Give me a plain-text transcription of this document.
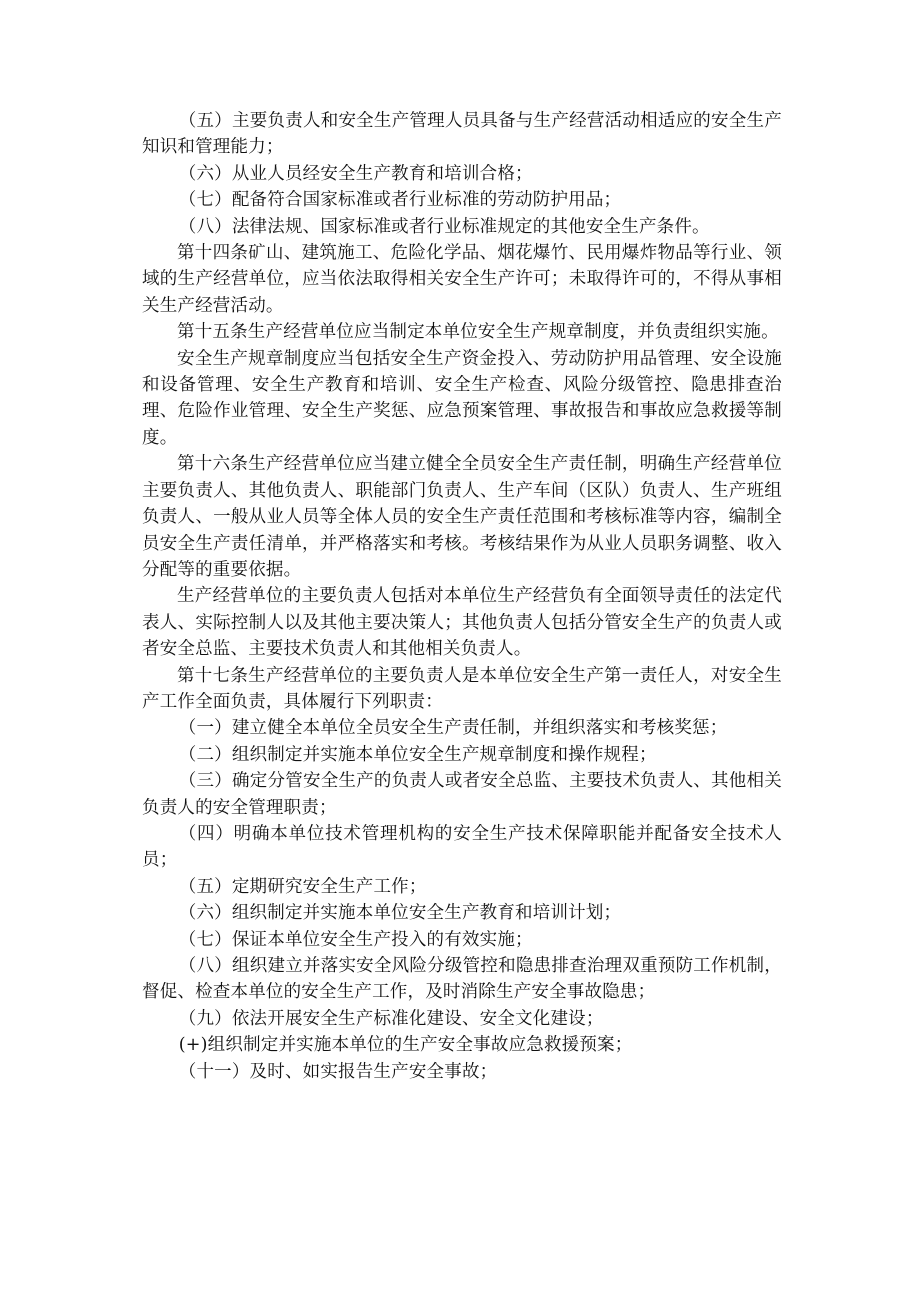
（五）主要负责人和安全生产管理人员具备与生产经营活动相适应的安全生产知识和管理能力；

（六）从业人员经安全生产教育和培训合格；

（七）配备符合国家标准或者行业标准的劳动防护用品；

（八）法律法规、国家标准或者行业标准规定的其他安全生产条件。

第十四条矿山、建筑施工、危险化学品、烟花爆竹、民用爆炸物品等行业、领域的生产经营单位，应当依法取得相关安全生产许可；未取得许可的，不得从事相关生产经营活动。

第十五条生产经营单位应当制定本单位安全生产规章制度，并负责组织实施。

安全生产规章制度应当包括安全生产资金投入、劳动防护用品管理、安全设施和设备管理、安全生产教育和培训、安全生产检查、风险分级管控、隐患排查治理、危险作业管理、安全生产奖惩、应急预案管理、事故报告和事故应急救援等制度。

第十六条生产经营单位应当建立健全全员安全生产责任制，明确生产经营单位主要负责人、其他负责人、职能部门负责人、生产车间（区队）负责人、生产班组负责人、一般从业人员等全体人员的安全生产责任范围和考核标准等内容，编制全员安全生产责任清单，并严格落实和考核。考核结果作为从业人员职务调整、收入分配等的重要依据。

生产经营单位的主要负责人包括对本单位生产经营负有全面领导责任的法定代表人、实际控制人以及其他主要决策人；其他负责人包括分管安全生产的负责人或者安全总监、主要技术负责人和其他相关负责人。

第十七条生产经营单位的主要负责人是本单位安全生产第一责任人，对安全生产工作全面负责，具体履行下列职责：

（一）建立健全本单位全员安全生产责任制，并组织落实和考核奖惩；

（二）组织制定并实施本单位安全生产规章制度和操作规程；

（三）确定分管安全生产的负责人或者安全总监、主要技术负责人、其他相关负责人的安全管理职责；

（四）明确本单位技术管理机构的安全生产技术保障职能并配备安全技术人员；

（五）定期研究安全生产工作；

（六）组织制定并实施本单位安全生产教育和培训计划；

（七）保证本单位安全生产投入的有效实施；

（八）组织建立并落实安全风险分级管控和隐患排查治理双重预防工作机制，督促、检查本单位的安全生产工作，及时消除生产安全事故隐患；

（九）依法开展安全生产标准化建设、安全文化建设；

(+)组织制定并实施本单位的生产安全事故应急救援预案；

（十一）及时、如实报告生产安全事故；
